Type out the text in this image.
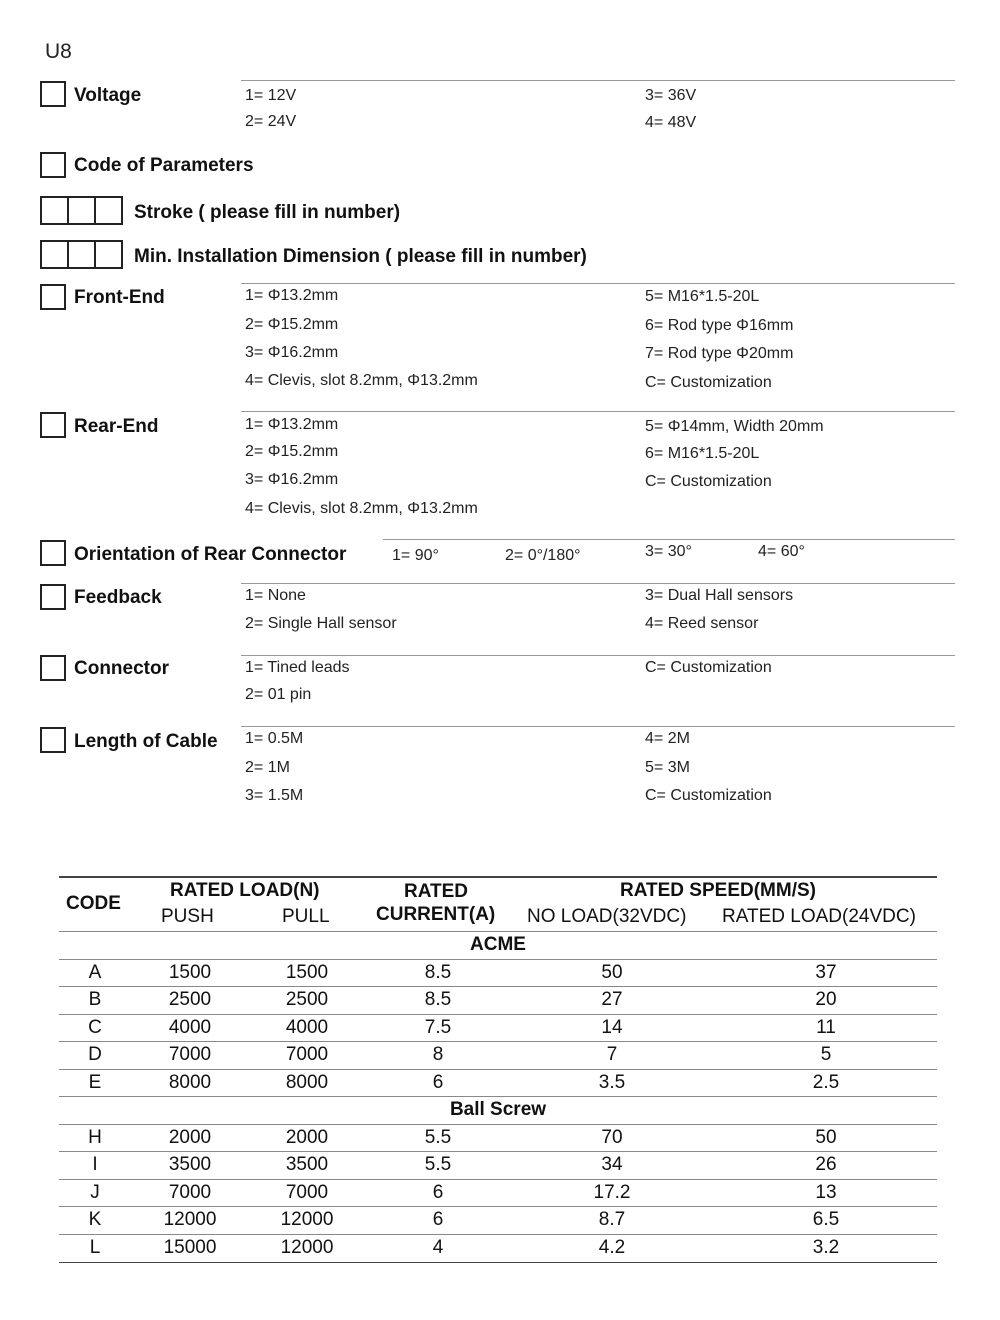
U8
Voltage	1= 12V
2= 24V
3= 36V
4= 48V
Code of Parameters
Stroke ( please fill in number)
Min. Installation Dimension ( please fill in number)
Front-End	1= Φ13.2mm
2= Φ15.2mm
3= Φ16.2mm
4= Clevis, slot 8.2mm, Φ13.2mm
5= M16*1.5-20L
6= Rod type Φ16mm
7= Rod type Φ20mm
C= Customization
Rear-End	1= Φ13.2mm
2= Φ15.2mm
3= Φ16.2mm
4= Clevis, slot 8.2mm, Φ13.2mm
5= Φ14mm, Width 20mm
6= M16*1.5-20L
C= Customization
Orientation of Rear Connector	1= 90°	2= 0°/180°	3= 30°	4= 60°
Feedback	1= None
2= Single Hall sensor
3= Dual Hall sensors
4= Reed sensor
Connector	1= Tined leads
2= 01 pin
C= Customization
Length of Cable 1= 0.5M
2= 1M
3= 1.5M
4= 2M
5= 3M
C= Customization
CODE
RATED LOAD(N)
PUSH	PULL
RATED
CURRENT(A)
RATED SPEED(MM/S)
NO LOAD(32VDC) RATED LOAD(24VDC)
ACME
A	1500	1500	8.5	50	37
B	2500	2500	8.5	27	20
C	4000	4000	7.5	14	11
D	7000	7000	8	7	5
E	8000	8000	6	3.5	2.5
Ball Screw
H	2000	2000	5.5	70	50
I	3500	3500	5.5	34	26
J	7000	7000	6	17.2	13
K	12000	12000	6	8.7	6.5
L	15000	12000	4	4.2	3.2
